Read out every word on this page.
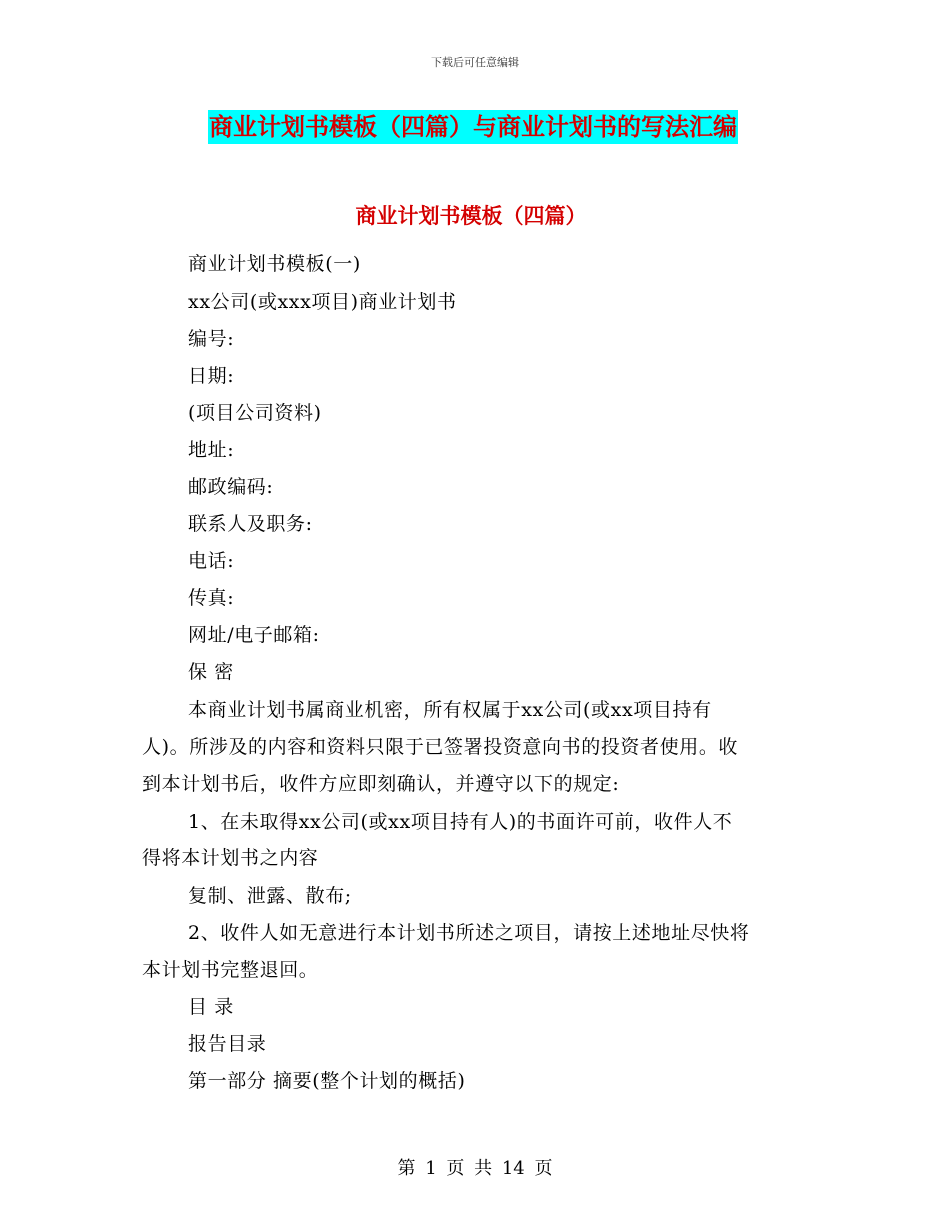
下载后可任意编辑
商业计划书模板（四篇）与商业计划书的写法汇编
商业计划书模板（四篇）
商业计划书模板(一)
xx公司(或xxx项目)商业计划书
编号:
日期:
(项目公司资料)
地址:
邮政编码:
联系人及职务:
电话:
传真:
网址/电子邮箱:
保 密
本商业计划书属商业机密，所有权属于xx公司(或xx项目持有
人)。所涉及的内容和资料只限于已签署投资意向书的投资者使用。收
到本计划书后，收件方应即刻确认，并遵守以下的规定:
1、在未取得xx公司(或xx项目持有人)的书面许可前，收件人不
得将本计划书之内容
复制、泄露、散布;
2、收件人如无意进行本计划书所述之项目，请按上述地址尽快将
本计划书完整退回。
目 录
报告目录
第一部分 摘要(整个计划的概括)
第 1 页 共 14 页
